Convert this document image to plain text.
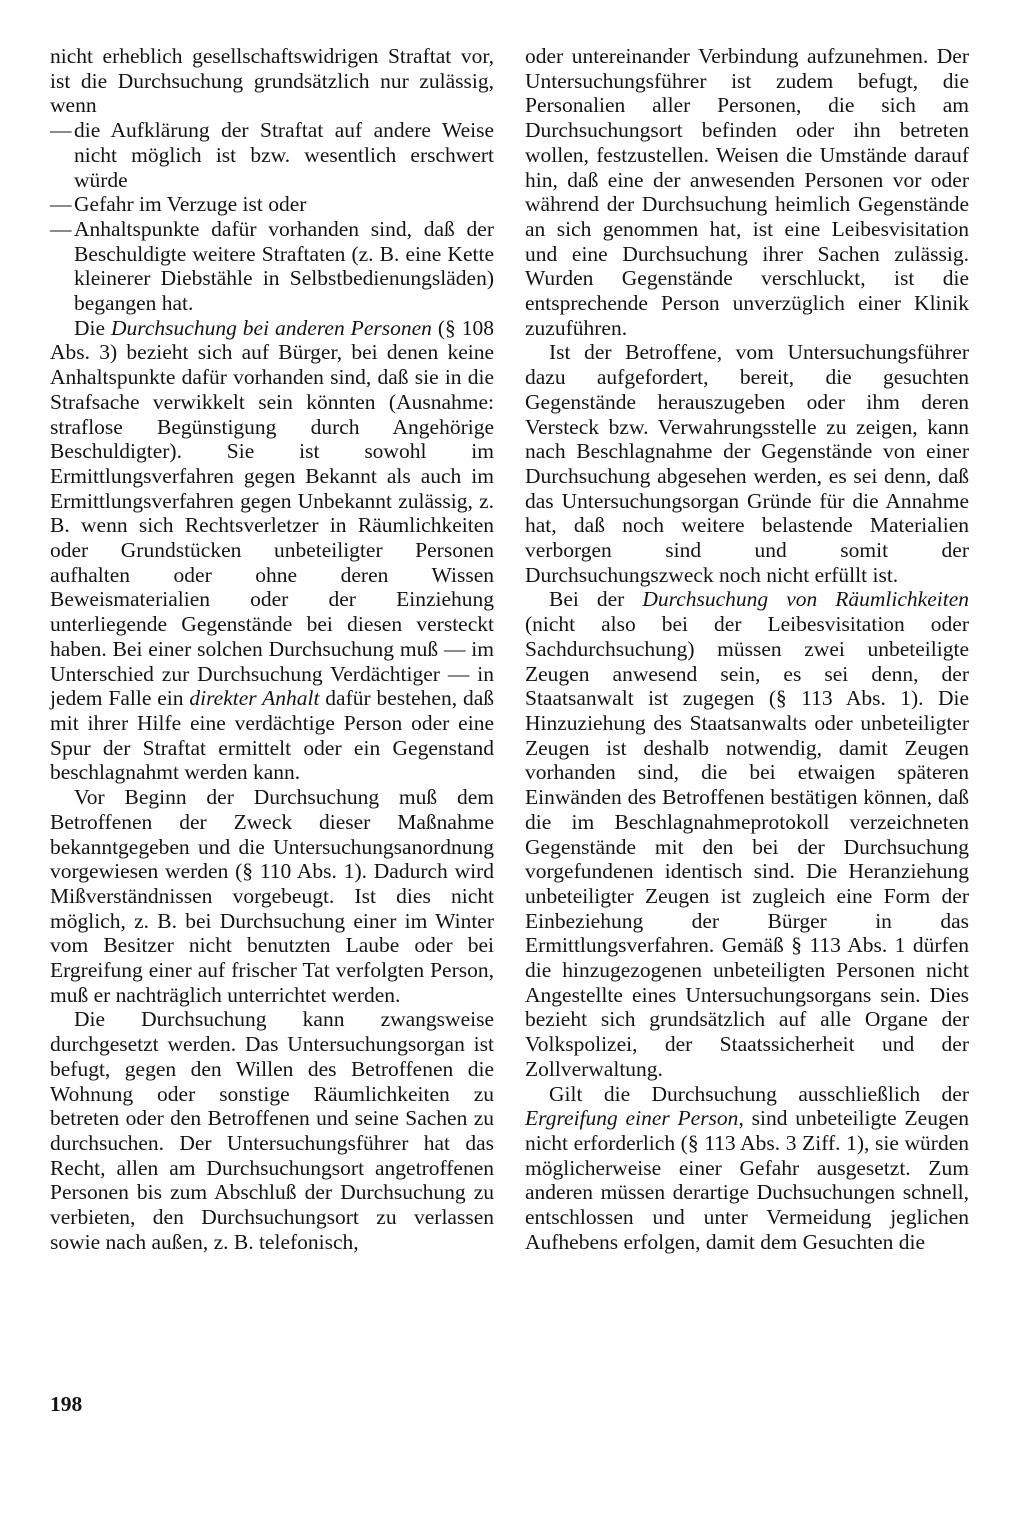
nicht erheblich gesellschaftswidrigen Straftat vor, ist die Durchsuchung grundsätzlich nur zulässig, wenn

— die Aufklärung der Straftat auf andere Weise nicht möglich ist bzw. wesentlich erschwert würde
— Gefahr im Verzuge ist oder
— Anhaltspunkte dafür vorhanden sind, daß der Beschuldigte weitere Straftaten (z. B. eine Kette kleinerer Diebstähle in Selbstbedienungsläden) begangen hat.

Die Durchsuchung bei anderen Personen (§ 108 Abs. 3) bezieht sich auf Bürger, bei denen keine Anhaltspunkte dafür vorhanden sind, daß sie in die Strafsache verwikkelt sein könnten (Ausnahme: straflose Begünstigung durch Angehörige Beschuldigter). Sie ist sowohl im Ermittlungsverfahren gegen Bekannt als auch im Ermittlungsverfahren gegen Unbekannt zulässig, z. B. wenn sich Rechtsverletzer in Räumlichkeiten oder Grundstücken unbeteiligter Personen aufhalten oder ohne deren Wissen Beweismaterialien oder der Einziehung unterliegende Gegenstände bei diesen versteckt haben. Bei einer solchen Durchsuchung muß — im Unterschied zur Durchsuchung Verdächtiger — in jedem Falle ein direkter Anhalt dafür bestehen, daß mit ihrer Hilfe eine verdächtige Person oder eine Spur der Straftat ermittelt oder ein Gegenstand beschlagnahmt werden kann.

Vor Beginn der Durchsuchung muß dem Betroffenen der Zweck dieser Maßnahme bekanntgegeben und die Untersuchungsanordnung vorgewiesen werden (§ 110 Abs. 1). Dadurch wird Mißverständnissen vorgebeugt. Ist dies nicht möglich, z. B. bei Durchsuchung einer im Winter vom Besitzer nicht benutzten Laube oder bei Ergreifung einer auf frischer Tat verfolgten Person, muß er nachträglich unterrichtet werden.

Die Durchsuchung kann zwangsweise durchgesetzt werden. Das Untersuchungsorgan ist befugt, gegen den Willen des Betroffenen die Wohnung oder sonstige Räumlichkeiten zu betreten oder den Betroffenen und seine Sachen zu durchsuchen. Der Untersuchungsführer hat das Recht, allen am Durchsuchungsort angetroffenen Personen bis zum Abschluß der Durchsuchung zu verbieten, den Durchsuchungsort zu verlassen sowie nach außen, z. B. telefonisch,

oder untereinander Verbindung aufzunehmen. Der Untersuchungsführer ist zudem befugt, die Personalien aller Personen, die sich am Durchsuchungsort befinden oder ihn betreten wollen, festzustellen. Weisen die Umstände darauf hin, daß eine der anwesenden Personen vor oder während der Durchsuchung heimlich Gegenstände an sich genommen hat, ist eine Leibesvisitation und eine Durchsuchung ihrer Sachen zulässig. Wurden Gegenstände verschluckt, ist die entsprechende Person unverzüglich einer Klinik zuzuführen.

Ist der Betroffene, vom Untersuchungsführer dazu aufgefordert, bereit, die gesuchten Gegenstände herauszugeben oder ihm deren Versteck bzw. Verwahrungsstelle zu zeigen, kann nach Beschlagnahme der Gegenstände von einer Durchsuchung abgesehen werden, es sei denn, daß das Untersuchungsorgan Gründe für die Annahme hat, daß noch weitere belastende Materialien verborgen sind und somit der Durchsuchungszweck noch nicht erfüllt ist.

Bei der Durchsuchung von Räumlichkeiten (nicht also bei der Leibesvisitation oder Sachdurchsuchung) müssen zwei unbeteiligte Zeugen anwesend sein, es sei denn, der Staatsanwalt ist zugegen (§ 113 Abs. 1). Die Hinzuziehung des Staatsanwalts oder unbeteiligter Zeugen ist deshalb notwendig, damit Zeugen vorhanden sind, die bei etwaigen späteren Einwänden des Betroffenen bestätigen können, daß die im Beschlagnahmeprotokoll verzeichneten Gegenstände mit den bei der Durchsuchung vorgefundenen identisch sind. Die Heranziehung unbeteiligter Zeugen ist zugleich eine Form der Einbeziehung der Bürger in das Ermittlungsverfahren. Gemäß § 113 Abs. 1 dürfen die hinzugezogenen unbeteiligten Personen nicht Angestellte eines Untersuchungsorgans sein. Dies bezieht sich grundsätzlich auf alle Organe der Volkspolizei, der Staatssicherheit und der Zollverwaltung.

Gilt die Durchsuchung ausschließlich der Ergreifung einer Person, sind unbeteiligte Zeugen nicht erforderlich (§ 113 Abs. 3 Ziff. 1), sie würden möglicherweise einer Gefahr ausgesetzt. Zum anderen müssen derartige Duchsuchungen schnell, entschlossen und unter Vermeidung jeglichen Aufhebens erfolgen, damit dem Gesuchten die

198
